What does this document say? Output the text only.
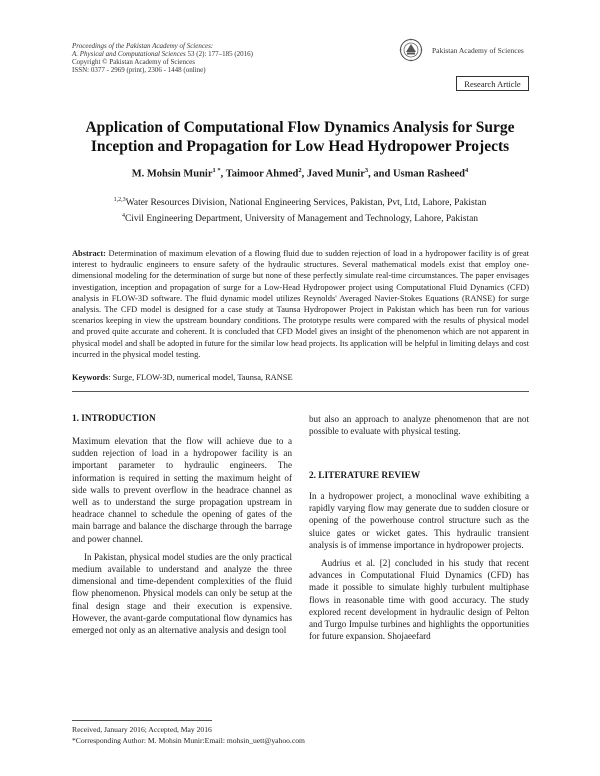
Proceedings of the Pakistan Academy of Sciences:
A. Physical and Computational Sciences 53 (2): 177–185 (2016)
Copyright © Pakistan Academy of Sciences
ISSN: 0377 - 2969 (print), 2306 - 1448 (online)
Pakistan Academy of Sciences
Research Article
Application of Computational Flow Dynamics Analysis for Surge Inception and Propagation for Low Head Hydropower Projects
M. Mohsin Munir$^{1 *}$, Taimoor Ahmed$^2$, Javed Munir$^3$, and Usman Rasheed$^4$
$^{1,2,3}$Water Resources Division, National Engineering Services, Pakistan, Pvt, Ltd, Lahore, Pakistan
$^4$Civil Engineering Department, University of Management and Technology, Lahore, Pakistan
Abstract: Determination of maximum elevation of a flowing fluid due to sudden rejection of load in a hydropower facility is of great interest to hydraulic engineers to ensure safety of the hydraulic structures. Several mathematical models exist that employ one-dimensional modeling for the determination of surge but none of these perfectly simulate real-time circumstances. The paper envisages investigation, inception and propagation of surge for a Low-Head Hydropower project using Computational Fluid Dynamics (CFD) analysis in FLOW-3D software. The fluid dynamic model utilizes Reynolds' Averaged Navier-Stokes Equations (RANSE) for surge analysis. The CFD model is designed for a case study at Taunsa Hydropower Project in Pakistan which has been run for various scenarios keeping in view the upstream boundary conditions. The prototype results were compared with the results of physical model and proved quite accurate and coherent. It is concluded that CFD Model gives an insight of the phenomenon which are not apparent in physical model and shall be adopted in future for the similar low head projects. Its application will be helpful in limiting delays and cost incurred in the physical model testing.
Keywords: Surge, FLOW-3D, numerical model, Taunsa, RANSE
1. INTRODUCTION

Maximum elevation that the flow will achieve due to a sudden rejection of load in a hydropower facility is an important parameter to hydraulic engineers. The information is required in setting the maximum height of side walls to prevent overflow in the headrace channel as well as to understand the surge propagation upstream in headrace channel to schedule the opening of gates of the main barrage and balance the discharge through the barrage and power channel.

In Pakistan, physical model studies are the only practical medium available to understand and analyze the three dimensional and time-dependent complexities of the fluid flow phenomenon. Physical models can only be setup at the final design stage and their execution is expensive. However, the avant-garde computational flow dynamics has emerged not only as an alternative analysis and design tool

but also an approach to analyze phenomenon that are not possible to evaluate with physical testing.

2. LITERATURE REVIEW

In a hydropower project, a monoclinal wave exhibiting a rapidly varying flow may generate due to sudden closure or opening of the powerhouse control structure such as the sluice gates or wicket gates. This hydraulic transient analysis is of immense importance in hydropower projects.

Audrius et al. [2] concluded in his study that recent advances in Computational Fluid Dynamics (CFD) has made it possible to simulate highly turbulent multiphase flows in reasonable time with good accuracy. The study explored recent development in hydraulic design of Pelton and Turgo Impulse turbines and highlights the opportunities for future expansion. Shojaeefard

Received, January 2016; Accepted, May 2016
*Corresponding Author: M. Mohsin Munir:Email: mohsin_uett@yahoo.com
